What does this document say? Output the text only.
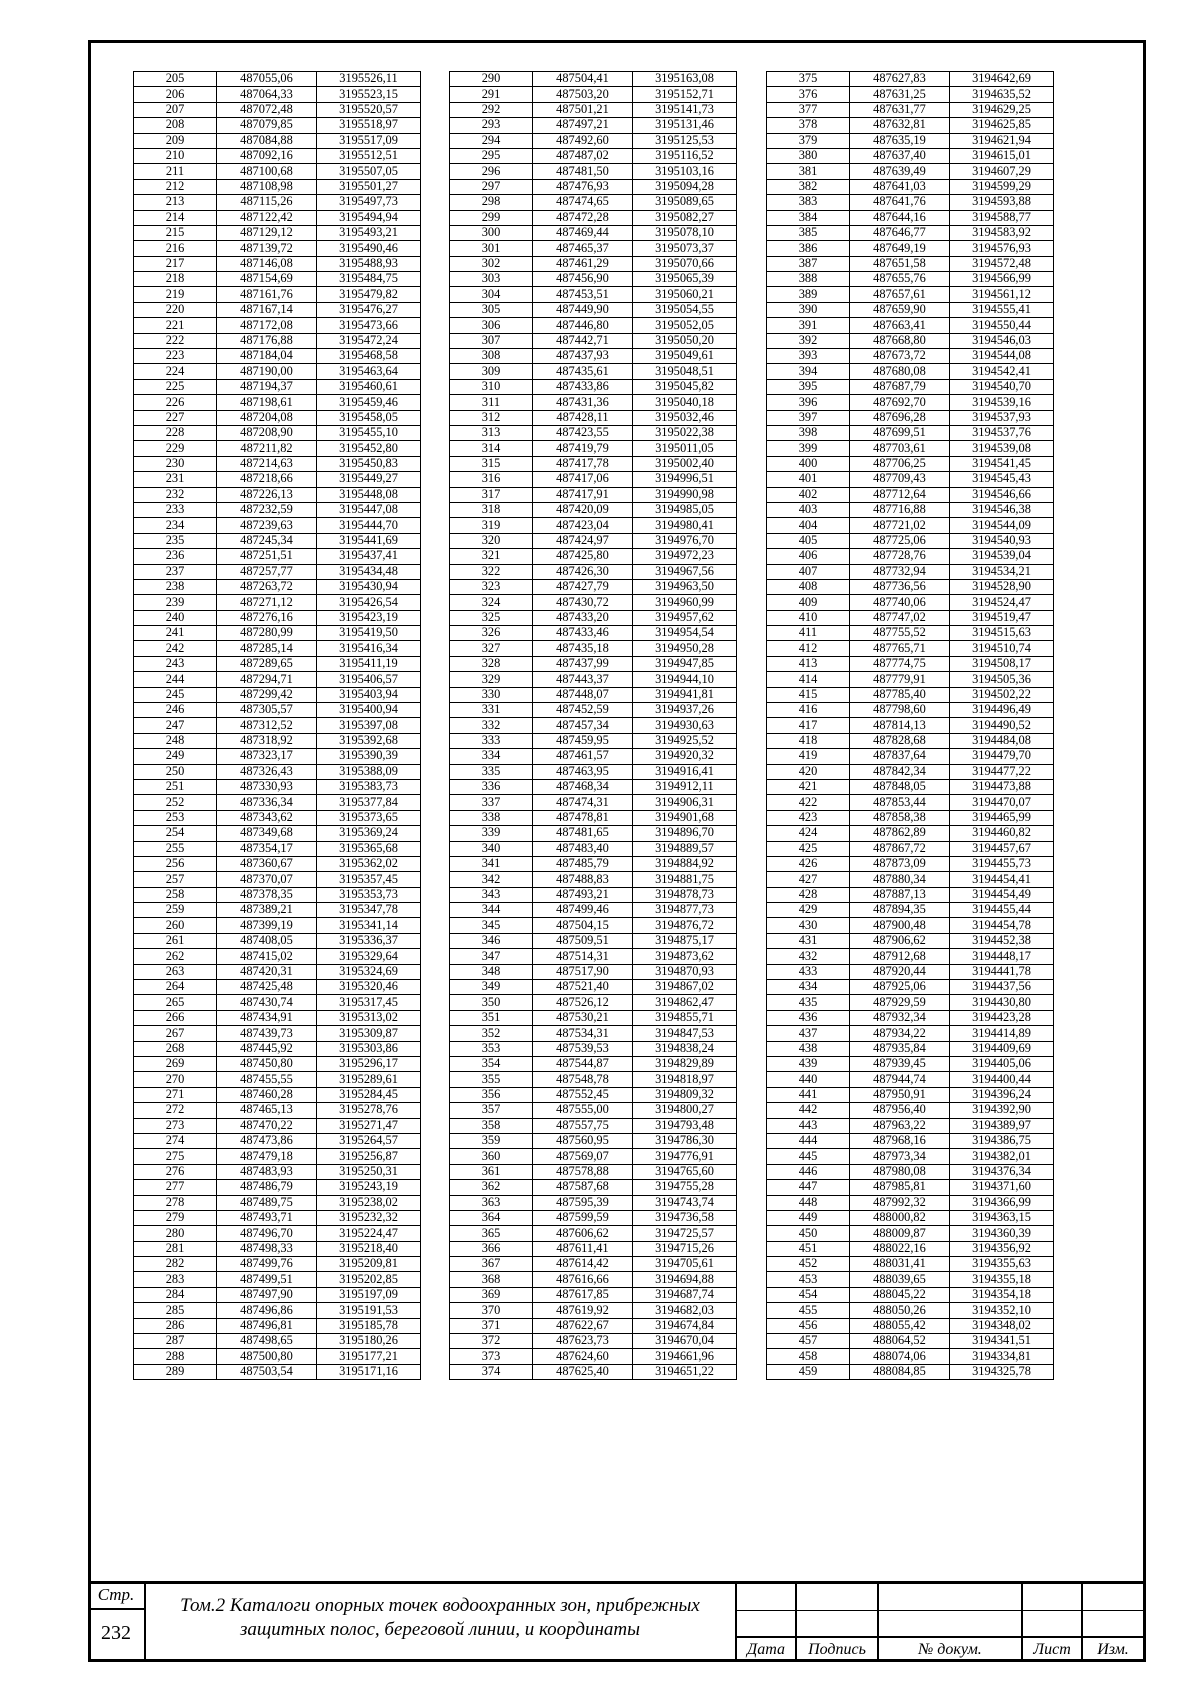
205	487055,06	3195526,11
206	487064,33	3195523,15
207	487072,48	3195520,57
208	487079,85	3195518,97
209	487084,88	3195517,09
210	487092,16	3195512,51
211	487100,68	3195507,05
212	487108,98	3195501,27
213	487115,26	3195497,73
214	487122,42	3195494,94
215	487129,12	3195493,21
216	487139,72	3195490,46
217	487146,08	3195488,93
218	487154,69	3195484,75
219	487161,76	3195479,82
220	487167,14	3195476,27
221	487172,08	3195473,66
222	487176,88	3195472,24
223	487184,04	3195468,58
224	487190,00	3195463,64
225	487194,37	3195460,61
226	487198,61	3195459,46
227	487204,08	3195458,05
228	487208,90	3195455,10
229	487211,82	3195452,80
230	487214,63	3195450,83
231	487218,66	3195449,27
232	487226,13	3195448,08
233	487232,59	3195447,08
234	487239,63	3195444,70
235	487245,34	3195441,69
236	487251,51	3195437,41
237	487257,77	3195434,48
238	487263,72	3195430,94
239	487271,12	3195426,54
240	487276,16	3195423,19
241	487280,99	3195419,50
242	487285,14	3195416,34
243	487289,65	3195411,19
244	487294,71	3195406,57
245	487299,42	3195403,94
246	487305,57	3195400,94
247	487312,52	3195397,08
248	487318,92	3195392,68
249	487323,17	3195390,39
250	487326,43	3195388,09
251	487330,93	3195383,73
252	487336,34	3195377,84
253	487343,62	3195373,65
254	487349,68	3195369,24
255	487354,17	3195365,68
256	487360,67	3195362,02
257	487370,07	3195357,45
258	487378,35	3195353,73
259	487389,21	3195347,78
260	487399,19	3195341,14
261	487408,05	3195336,37
262	487415,02	3195329,64
263	487420,31	3195324,69
264	487425,48	3195320,46
265	487430,74	3195317,45
266	487434,91	3195313,02
267	487439,73	3195309,87
268	487445,92	3195303,86
269	487450,80	3195296,17
270	487455,55	3195289,61
271	487460,28	3195284,45
272	487465,13	3195278,76
273	487470,22	3195271,47
274	487473,86	3195264,57
275	487479,18	3195256,87
276	487483,93	3195250,31
277	487486,79	3195243,19
278	487489,75	3195238,02
279	487493,71	3195232,32
280	487496,70	3195224,47
281	487498,33	3195218,40
282	487499,76	3195209,81
283	487499,51	3195202,85
284	487497,90	3195197,09
285	487496,86	3195191,53
286	487496,81	3195185,78
287	487498,65	3195180,26
288	487500,80	3195177,21
289	487503,54	3195171,16
290	487504,41	3195163,08
291	487503,20	3195152,71
292	487501,21	3195141,73
293	487497,21	3195131,46
294	487492,60	3195125,53
295	487487,02	3195116,52
296	487481,50	3195103,16
297	487476,93	3195094,28
298	487474,65	3195089,65
299	487472,28	3195082,27
300	487469,44	3195078,10
301	487465,37	3195073,37
302	487461,29	3195070,66
303	487456,90	3195065,39
304	487453,51	3195060,21
305	487449,90	3195054,55
306	487446,80	3195052,05
307	487442,71	3195050,20
308	487437,93	3195049,61
309	487435,61	3195048,51
310	487433,86	3195045,82
311	487431,36	3195040,18
312	487428,11	3195032,46
313	487423,55	3195022,38
314	487419,79	3195011,05
315	487417,78	3195002,40
316	487417,06	3194996,51
317	487417,91	3194990,98
318	487420,09	3194985,05
319	487423,04	3194980,41
320	487424,97	3194976,70
321	487425,80	3194972,23
322	487426,30	3194967,56
323	487427,79	3194963,50
324	487430,72	3194960,99
325	487433,20	3194957,62
326	487433,46	3194954,54
327	487435,18	3194950,28
328	487437,99	3194947,85
329	487443,37	3194944,10
330	487448,07	3194941,81
331	487452,59	3194937,26
332	487457,34	3194930,63
333	487459,95	3194925,52
334	487461,57	3194920,32
335	487463,95	3194916,41
336	487468,34	3194912,11
337	487474,31	3194906,31
338	487478,81	3194901,68
339	487481,65	3194896,70
340	487483,40	3194889,57
341	487485,79	3194884,92
342	487488,83	3194881,75
343	487493,21	3194878,73
344	487499,46	3194877,73
345	487504,15	3194876,72
346	487509,51	3194875,17
347	487514,31	3194873,62
348	487517,90	3194870,93
349	487521,40	3194867,02
350	487526,12	3194862,47
351	487530,21	3194855,71
352	487534,31	3194847,53
353	487539,53	3194838,24
354	487544,87	3194829,89
355	487548,78	3194818,97
356	487552,45	3194809,32
357	487555,00	3194800,27
358	487557,75	3194793,48
359	487560,95	3194786,30
360	487569,07	3194776,91
361	487578,88	3194765,60
362	487587,68	3194755,28
363	487595,39	3194743,74
364	487599,59	3194736,58
365	487606,62	3194725,57
366	487611,41	3194715,26
367	487614,42	3194705,61
368	487616,66	3194694,88
369	487617,85	3194687,74
370	487619,92	3194682,03
371	487622,67	3194674,84
372	487623,73	3194670,04
373	487624,60	3194661,96
374	487625,40	3194651,22
375	487627,83	3194642,69
376	487631,25	3194635,52
377	487631,77	3194629,25
378	487632,81	3194625,85
379	487635,19	3194621,94
380	487637,40	3194615,01
381	487639,49	3194607,29
382	487641,03	3194599,29
383	487641,76	3194593,88
384	487644,16	3194588,77
385	487646,77	3194583,92
386	487649,19	3194576,93
387	487651,58	3194572,48
388	487655,76	3194566,99
389	487657,61	3194561,12
390	487659,90	3194555,41
391	487663,41	3194550,44
392	487668,80	3194546,03
393	487673,72	3194544,08
394	487680,08	3194542,41
395	487687,79	3194540,70
396	487692,70	3194539,16
397	487696,28	3194537,93
398	487699,51	3194537,76
399	487703,61	3194539,08
400	487706,25	3194541,45
401	487709,43	3194545,43
402	487712,64	3194546,66
403	487716,88	3194546,38
404	487721,02	3194544,09
405	487725,06	3194540,93
406	487728,76	3194539,04
407	487732,94	3194534,21
408	487736,56	3194528,90
409	487740,06	3194524,47
410	487747,02	3194519,47
411	487755,52	3194515,63
412	487765,71	3194510,74
413	487774,75	3194508,17
414	487779,91	3194505,36
415	487785,40	3194502,22
416	487798,60	3194496,49
417	487814,13	3194490,52
418	487828,68	3194484,08
419	487837,64	3194479,70
420	487842,34	3194477,22
421	487848,05	3194473,88
422	487853,44	3194470,07
423	487858,38	3194465,99
424	487862,89	3194460,82
425	487867,72	3194457,67
426	487873,09	3194455,73
427	487880,34	3194454,41
428	487887,13	3194454,49
429	487894,35	3194455,44
430	487900,48	3194454,78
431	487906,62	3194452,38
432	487912,68	3194448,17
433	487920,44	3194441,78
434	487925,06	3194437,56
435	487929,59	3194430,80
436	487932,34	3194423,28
437	487934,22	3194414,89
438	487935,84	3194409,69
439	487939,45	3194405,06
440	487944,74	3194400,44
441	487950,91	3194396,24
442	487956,40	3194392,90
443	487963,22	3194389,97
444	487968,16	3194386,75
445	487973,34	3194382,01
446	487980,08	3194376,34
447	487985,81	3194371,60
448	487992,32	3194366,99
449	488000,82	3194363,15
450	488009,87	3194360,39
451	488022,16	3194356,92
452	488031,41	3194355,63
453	488039,65	3194355,18
454	488045,22	3194354,18
455	488050,26	3194352,10
456	488055,42	3194348,02
457	488064,52	3194341,51
458	488074,06	3194334,81
459	488084,85	3194325,78
Стр.
232
Том.2 Каталоги опорных точек водоохранных зон, прибрежных
защитных полос, береговой линии, и координаты
Дата	Подпись	№ докум.	Лист	Изм.
